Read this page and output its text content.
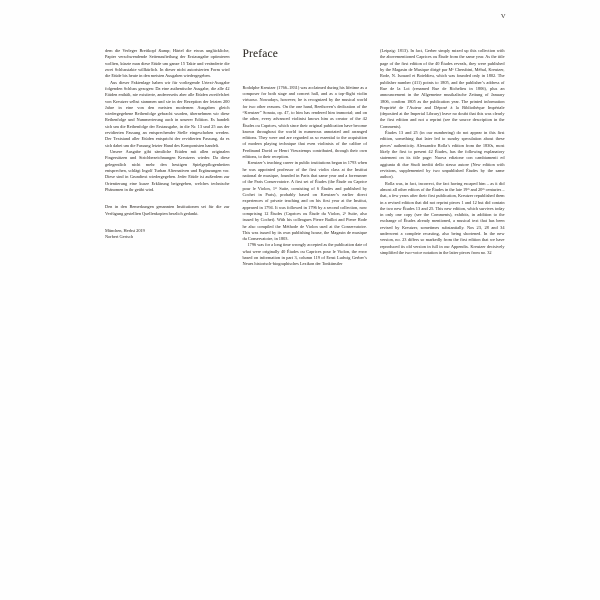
V

dem die Verleger Breitkopf &amp; Härtel die etwas unglückliche, Papier verschwendende Seitenaufteilung der Erstausgabe optimieren wollten, kürzte man diese Etüde um ganze 15 Takte und veränderte die zwei Schlusstakte willkürlich. In dieser nicht autorisierten Form wird die Etüde bis heute in den meisten Ausgaben wiedergegeben.

Aus dieser Faktenlage haben wir für vorliegende Urtext-Ausgabe folgenden Schluss gezogen: Da eine authentische Ausgabe, die alle 42 Etüden enthält, nie existierte, andererseits aber alle Etüden zweifelsfrei von Kreutzer selbst stammen und sie in der Rezeption der letzten 200 Jahre in eine von den meisten modernen Ausgaben gleich wiedergegebene Reihenfolge gebracht wurden, übernehmen wir diese Reihenfolge und Nummerierung auch in unserer Edition. Es handelt sich um die Reihenfolge der Erstausgabe, in die Nr. 13 und 25 aus der revidierten Fassung an entsprechender Stelle eingeschoben werden. Der Textstand aller Etüden entspricht der revidierten Fassung, da es sich dabei um die Fassung letzter Hand des Komponisten handelt.

Unsere Ausgabe gibt sämtliche Etüden mit allen originalen Fingersätzen und Strichbezeichnungen Kreutzers wieder. Da diese gelegentlich nicht mehr den heutigen Spielgepflogenheiten entsprechen, schlägt Ingolf Turban Alternativen und Ergänzungen vor. Diese sind in Grundtext wiedergegeben. Jeder Etüde ist außerdem zur Orientierung eine kurze Erklärung beigegeben, welches technische Phänomen in ihr geübt wird.

Den in den Bemerkungen genannten Institutionen sei für die zur Verfügung gestellten Quellenkopien herzlich gedankt.

München, Herbst 2019

Norbert Gertsch

Preface

Rodolphe Kreutzer (1766–1831) was acclaimed during his lifetime as a composer for both stage and concert hall, and as a top-flight violin virtuoso. Nowadays, however, he is recognized by the musical world for two other reasons. On the one hand, Beethoven’s dedication of the “Kreutzer” Sonata, op. 47, to him has rendered him immortal; and on the other, every advanced violinist knows him as creator of the 42 Études ou Caprices, which since their original publication have become known throughout the world in numerous annotated and arranged editions. They were and are regarded as so essential to the acquisition of modern playing technique that even violinists of the calibre of Ferdinand David or Henri Vieuxtemps contributed, through their own editions, to their reception.

Kreutzer’s teaching career in public institutions began in 1793 when he was appointed professor of the first violin class at the Institut national de musique, founded in Paris that same year and a forerunner of the Paris Conservatoire. A first set of Études (the Étude ou Caprice pour le Violon, 1ᵉʳ Suite, consisting of 6 Études and published by Cochet in Paris), probably based on Kreutzer’s earlier direct experiences of private teaching and on his first year at the Institut, appeared in 1794. It was followed in 1796 by a second collection, now comprising 12 Études (Caprices ou Étude du Violon, 2ᵉ Suite, also issued by Cochet). With his colleagues Pierre Baillot and Pierre Rode he also compiled the Méthode de Violon used at the Conservatoire. This was issued by its own publishing house, the Magasin de musique du Conservatoire, in 1803.

1796 was for a long time wrongly accepted as the publication date of what were originally 40 Études ou Caprices pour le Violon, the error based on information in part 3, column 119 of Ernst Ludwig Gerber’s Neues historisch-biographisches Lexikon der Tonkünstler

(Leipzig: 1813). In fact, Gerber simply mixed up this collection with the abovementioned Caprices ou Étude from the same year. As the title page of the first edition of the 40 Études reveals, they were published by the Magasin de Musique dirigé par Mᵒ Cherubini, Méhul, Kreutzer, Rode, N. Isouard et Boieldieu, which was founded only in 1802. The publisher number (411) points to 1805, and the publisher’s address of Rue de la Loi (renamed Rue de Richelieu in 1806), plus an announcement in the Allgemeine musikalische Zeitung of January 1806, confirm 1805 as the publication year. The printed information Propriété de l’Auteur and Déposé à la Bibliothèque Impériale (deposited at the Imperial Library) leave no doubt that this was clearly the first edition and not a reprint (see the source description in the Comments).

Études 13 and 25 (in our numbering) do not appear in this first edition, something that later led to sundry speculation about these pieces’ authenticity. Alessandro Rolla’s edition from the 1830s, most likely the first to present 42 Études, has the following explanatory statement on its title page: Nuova edizione con cambiamenti ed aggiunta di due Studi inediti dello stesso autore (New edition with revisions, supplemented by two unpublished Études by the same author).

Rolla was, in fact, incorrect, the fact having escaped him – as it did almost all other editors of the Études in the late 19ᵗʰ and 20ᵗʰ centuries – that, a few years after their first publication, Kreutzer republished them in a revised edition that did not reprint pieces 1 and 12 but did contain the two new Études 13 and 25. This new edition, which survives today in only one copy (see the Comments), exhibits, in addition to the exchange of Études already mentioned, a musical text that has been revised by Kreutzer, sometimes substantially. Nos 23, 28 and 34 underwent a complete recasting, also being shortened. In the new version, no. 23 differs so markedly from the first edition that we have reproduced its old version in full in our Appendix. Kreutzer decisively simplified the two-voice notation in the latter pieces from no. 32
